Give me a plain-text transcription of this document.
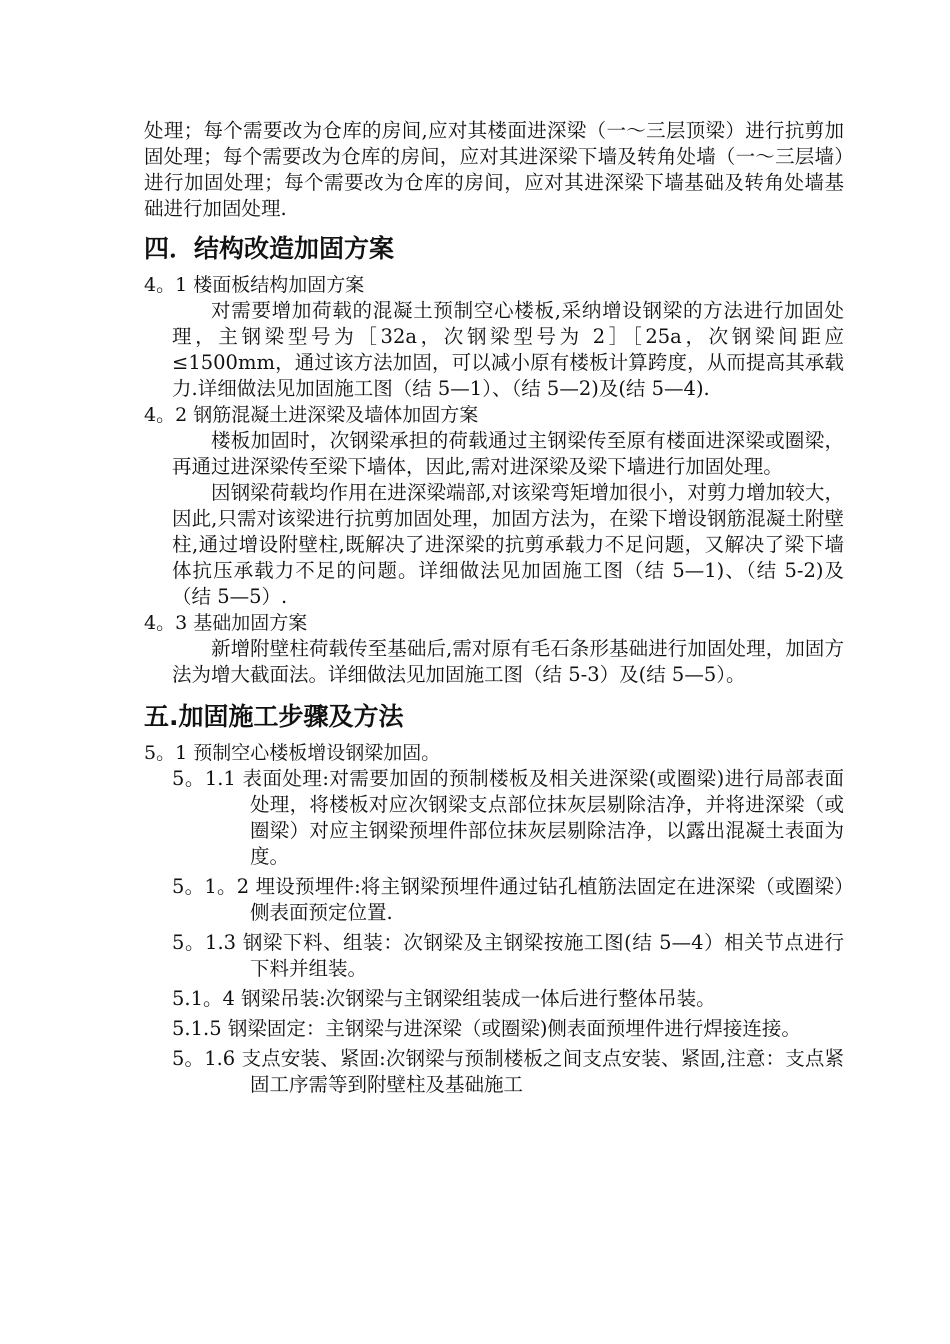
处理；每个需要改为仓库的房间,应对其楼面进深梁（一～三层顶梁）进行抗剪加固处理；每个需要改为仓库的房间，应对其进深梁下墙及转角处墙（一～三层墙）进行加固处理；每个需要改为仓库的房间，应对其进深梁下墙基础及转角处墙基础进行加固处理.

四．结构改造加固方案

4。1 楼面板结构加固方案

对需要增加荷载的混凝土预制空心楼板,采纳增设钢梁的方法进行加固处理，主钢梁型号为［32a，次钢梁型号为 2］［25a，次钢梁间距应≤1500mm，通过该方法加固，可以减小原有楼板计算跨度，从而提高其承载力.详细做法见加固施工图（结 5—1）、（结 5—2)及(结 5—4).

4。2 钢筋混凝土进深梁及墙体加固方案

楼板加固时，次钢梁承担的荷载通过主钢梁传至原有楼面进深梁或圈梁，再通过进深梁传至梁下墙体，因此,需对进深梁及梁下墙进行加固处理。

因钢梁荷载均作用在进深梁端部,对该梁弯矩增加很小，对剪力增加较大，因此,只需对该梁进行抗剪加固处理，加固方法为，在梁下增设钢筋混凝土附壁柱,通过增设附壁柱,既解决了进深梁的抗剪承载力不足问题，又解决了梁下墙体抗压承载力不足的问题。详细做法见加固施工图（结 5—1)、（结 5-2)及（结 5—5）.

4。3 基础加固方案

新增附壁柱荷载传至基础后,需对原有毛石条形基础进行加固处理，加固方法为增大截面法。详细做法见加固施工图（结 5-3）及(结 5—5）。

五.加固施工步骤及方法

5。1 预制空心楼板增设钢梁加固。

5。1.1 表面处理:对需要加固的预制楼板及相关进深梁(或圈梁)进行局部表面处理，将楼板对应次钢梁支点部位抹灰层剔除洁净，并将进深梁（或圈梁）对应主钢梁预埋件部位抹灰层剔除洁净，以露出混凝土表面为度。

5。1。2 埋设预埋件:将主钢梁预埋件通过钻孔植筋法固定在进深梁（或圈梁）侧表面预定位置.

5。1.3 钢梁下料、组装：次钢梁及主钢梁按施工图(结 5—4）相关节点进行下料并组装。

5.1。4 钢梁吊装:次钢梁与主钢梁组装成一体后进行整体吊装。

5.1.5 钢梁固定：主钢梁与进深梁（或圈梁)侧表面预埋件进行焊接连接。

5。1.6 支点安装、紧固:次钢梁与预制楼板之间支点安装、紧固,注意：支点紧固工序需等到附壁柱及基础施工
